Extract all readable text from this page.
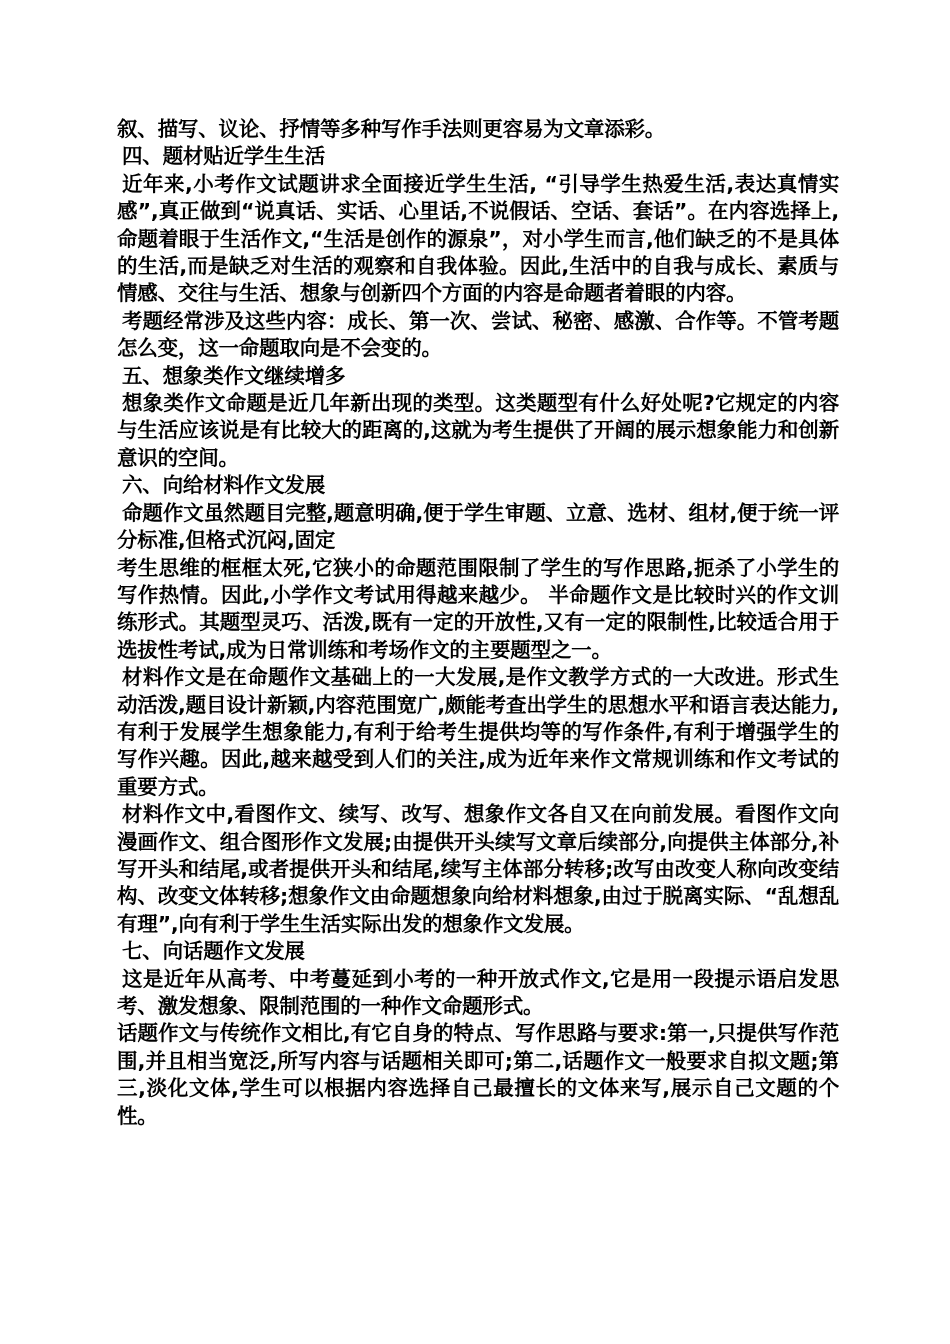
叙、描写、议论、抒情等多种写作手法则更容易为文章添彩。

四、题材贴近学生生活

近年来,小考作文试题讲求全面接近学生生活, “引导学生热爱生活,表达真情实感”,真正做到“说真话、实话、心里话,不说假话、空话、套话”。在内容选择上,命题着眼于生活作文,“生活是创作的源泉”，对小学生而言,他们缺乏的不是具体的生活,而是缺乏对生活的观察和自我体验。因此,生活中的自我与成长、素质与情感、交往与生活、想象与创新四个方面的内容是命题者着眼的内容。

考题经常涉及这些内容：成长、第一次、尝试、秘密、感激、合作等。不管考题怎么变，这一命题取向是不会变的。

五、想象类作文继续增多

想象类作文命题是近几年新出现的类型。这类题型有什么好处呢?它规定的内容与生活应该说是有比较大的距离的,这就为考生提供了开阔的展示想象能力和创新意识的空间。

六、向给材料作文发展

命题作文虽然题目完整,题意明确,便于学生审题、立意、选材、组材,便于统一评分标准,但格式沉闷,固定

考生思维的框框太死,它狭小的命题范围限制了学生的写作思路,扼杀了小学生的写作热情。因此,小学作文考试用得越来越少。 半命题作文是比较时兴的作文训练形式。其题型灵巧、活泼,既有一定的开放性,又有一定的限制性,比较适合用于选拔性考试,成为日常训练和考场作文的主要题型之一。

材料作文是在命题作文基础上的一大发展,是作文教学方式的一大改进。形式生动活泼,题目设计新颖,内容范围宽广,颇能考查出学生的思想水平和语言表达能力,有利于发展学生想象能力,有利于给考生提供均等的写作条件,有利于增强学生的写作兴趣。因此,越来越受到人们的关注,成为近年来作文常规训练和作文考试的重要方式。

材料作文中,看图作文、续写、改写、想象作文各自又在向前发展。看图作文向漫画作文、组合图形作文发展;由提供开头续写文章后续部分,向提供主体部分,补写开头和结尾,或者提供开头和结尾,续写主体部分转移;改写由改变人称向改变结构、改变文体转移;想象作文由命题想象向给材料想象,由过于脱离实际、“乱想乱有理”,向有利于学生生活实际出发的想象作文发展。

七、向话题作文发展

这是近年从高考、中考蔓延到小考的一种开放式作文,它是用一段提示语启发思考、激发想象、限制范围的一种作文命题形式。

话题作文与传统作文相比,有它自身的特点、写作思路与要求:第一,只提供写作范围,并且相当宽泛,所写内容与话题相关即可;第二,话题作文一般要求自拟文题;第三,淡化文体,学生可以根据内容选择自己最擅长的文体来写,展示自己文题的个性。
